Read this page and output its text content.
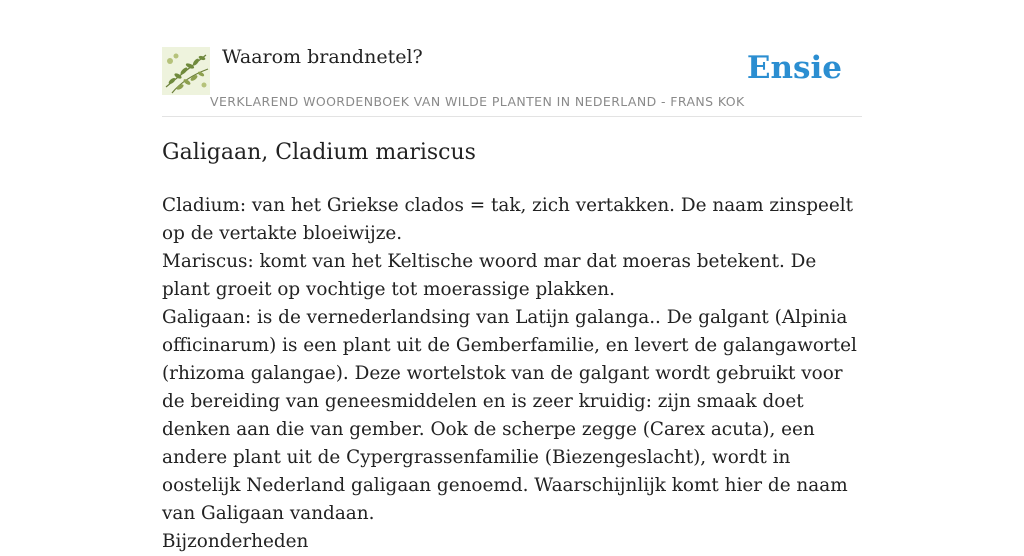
Waarom brandnetel?
VERKLAREND WOORDENBOEK VAN WILDE PLANTEN IN NEDERLAND - FRANS KOK
Ensie
Galigaan, Cladium mariscus

Cladium: van het Griekse clados = tak, zich vertakken. De naam zinspeelt op de vertakte bloeiwijze.

Mariscus: komt van het Keltische woord mar dat moeras betekent. De plant groeit op vochtige tot moerassige plakken.

Galigaan: is de vernederlandsing van Latijn galanga.. De galgant (Alpinia officinarum) is een plant uit de Gemberfamilie, en levert de galangawortel (rhizoma galangae). Deze wortelstok van de galgant wordt gebruikt voor de bereiding van geneesmiddelen en is zeer kruidig: zijn smaak doet denken aan die van gember. Ook de scherpe zegge (Carex acuta), een andere plant uit de Cypergrassenfamilie (Biezengeslacht), wordt in oostelijk Nederland galigaan genoemd. Waarschijnlijk komt hier de naam van Galigaan vandaan.

Bijzonderheden
